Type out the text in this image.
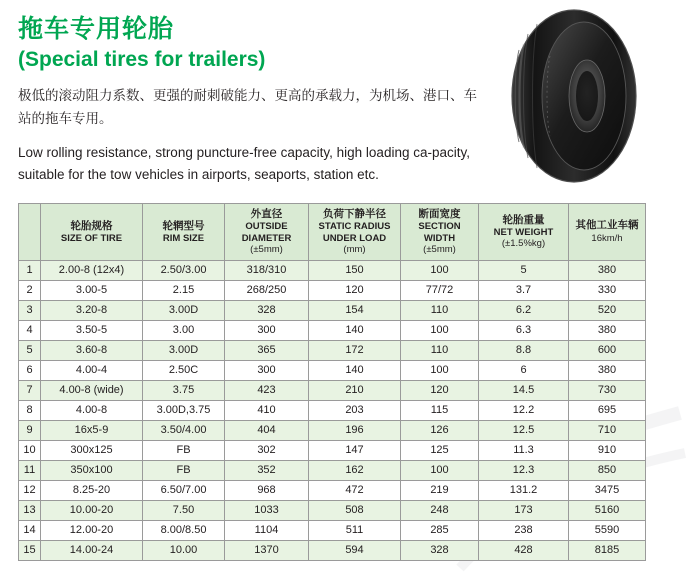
拖车专用轮胎
(Special tires for trailers)

极低的滚动阻力系数、更强的耐刺破能力、更高的承载力，为机场、港口、车站的拖车专用。

Low rolling resistance, strong puncture-free capacity, high loading ca-pacity, suitable for the tow vehicles in airports, seaports, station etc.

	轮胎规格
SIZE OF TIRE	轮辋型号
RIM SIZE	外直径
OUTSIDE DIAMETER
(±5mm)	负荷下静半径
STATIC RADIUS UNDER LOAD
(mm)	断面宽度
SECTION WIDTH
(±5mm)	轮胎重量
NET WEIGHT
(±1.5%kg)	其他工业车辆
16km/h

1	2.00-8 (12x4)	2.50/3.00	318/310	150	100	5	380
2	3.00-5	2.15	268/250	120	77/72	3.7	330
3	3.20-8	3.00D	328	154	110	6.2	520
4	3.50-5	3.00	300	140	100	6.3	380
5	3.60-8	3.00D	365	172	110	8.8	600
6	4.00-4	2.50C	300	140	100	6	380
7	4.00-8 (wide)	3.75	423	210	120	14.5	730
8	4.00-8	3.00D,3.75	410	203	115	12.2	695
9	16x5-9	3.50/4.00	404	196	126	12.5	710
10	300x125	FB	302	147	125	11.3	910
11	350x100	FB	352	162	100	12.3	850
12	8.25-20	6.50/7.00	968	472	219	131.2	3475
13	10.00-20	7.50	1033	508	248	173	5160
14	12.00-20	8.00/8.50	1104	511	285	238	5590
15	14.00-24	10.00	1370	594	328	428	8185
